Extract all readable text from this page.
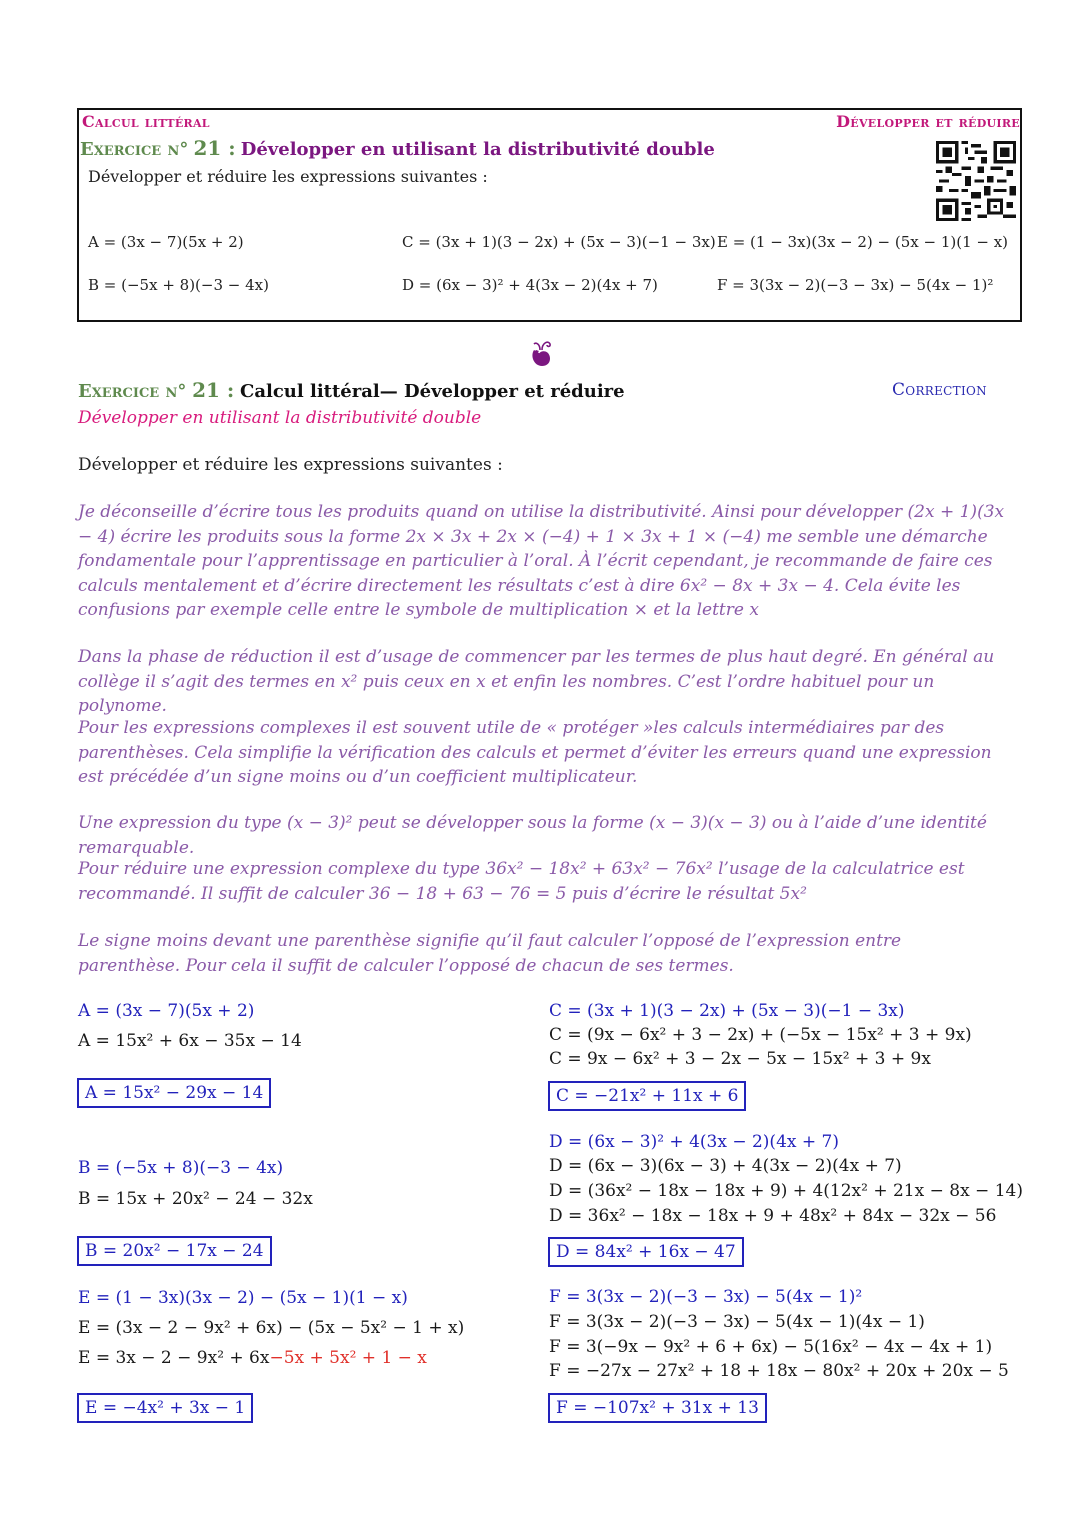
Calcul littéral	Développer et réduire
Exercice n° 21 : Développer en utilisant la distributivité double
Développer et réduire les expressions suivantes :
A = (3x − 7)(5x + 2)
B = (−5x + 8)(−3 − 4x)
C = (3x + 1)(3 − 2x) + (5x − 3)(−1 − 3x)
D = (6x − 3)² + 4(3x − 2)(4x + 7)
E = (1 − 3x)(3x − 2) − (5x − 1)(1 − x)
F = 3(3x − 2)(−3 − 3x) − 5(4x − 1)²
Exercice n° 21 : Calcul littéral— Développer et réduire	Correction
Développer en utilisant la distributivité double
Développer et réduire les expressions suivantes :
Je déconseille d’écrire tous les produits quand on utilise la distributivité. Ainsi pour développer (2x + 1)(3x − 4) écrire les produits sous la forme 2x × 3x + 2x × (−4) + 1 × 3x + 1 × (−4) me semble une démarche fondamentale pour l’apprentissage en particulier à l’oral. À l’écrit cependant, je recommande de faire ces calculs mentalement et d’écrire directement les résultats c’est à dire 6x² − 8x + 3x − 4. Cela évite les confusions par exemple celle entre le symbole de multiplication × et la lettre x
Dans la phase de réduction il est d’usage de commencer par les termes de plus haut degré. En général au collège il s’agit des termes en x² puis ceux en x et enfin les nombres. C’est l’ordre habituel pour un polynome.
Pour les expressions complexes il est souvent utile de « protéger »les calculs intermédiaires par des parenthèses. Cela simplifie la vérification des calculs et permet d’éviter les erreurs quand une expression est précédée d’un signe moins ou d’un coefficient multiplicateur.
Une expression du type (x − 3)² peut se développer sous la forme (x − 3)(x − 3) ou à l’aide d’une identité remarquable.
Pour réduire une expression complexe du type 36x² − 18x² + 63x² − 76x² l’usage de la calculatrice est recommandé. Il suffit de calculer 36 − 18 + 63 − 76 = 5 puis d’écrire le résultat 5x²
Le signe moins devant une parenthèse signifie qu’il faut calculer l’opposé de l’expression entre parenthèse. Pour cela il suffit de calculer l’opposé de chacun de ses termes.
A = (3x − 7)(5x + 2)
A = 15x² + 6x − 35x − 14
A = 15x² − 29x − 14
B = (−5x + 8)(−3 − 4x)
B = 15x + 20x² − 24 − 32x
B = 20x² − 17x − 24
E = (1 − 3x)(3x − 2) − (5x − 1)(1 − x)
E = (3x − 2 − 9x² + 6x) − (5x − 5x² − 1 + x)
E = 3x − 2 − 9x² + 6x−5x + 5x² + 1 − x
E = −4x² + 3x − 1
C = (3x + 1)(3 − 2x) + (5x − 3)(−1 − 3x)
C = (9x − 6x² + 3 − 2x) + (−5x − 15x² + 3 + 9x)
C = 9x − 6x² + 3 − 2x − 5x − 15x² + 3 + 9x
C = −21x² + 11x + 6
D = (6x − 3)² + 4(3x − 2)(4x + 7)
D = (6x − 3)(6x − 3) + 4(3x − 2)(4x + 7)
D = (36x² − 18x − 18x + 9) + 4(12x² + 21x − 8x − 14)
D = 36x² − 18x − 18x + 9 + 48x² + 84x − 32x − 56
D = 84x² + 16x − 47
F = 3(3x − 2)(−3 − 3x) − 5(4x − 1)²
F = 3(3x − 2)(−3 − 3x) − 5(4x − 1)(4x − 1)
F = 3(−9x − 9x² + 6 + 6x) − 5(16x² − 4x − 4x + 1)
F = −27x − 27x² + 18 + 18x − 80x² + 20x + 20x − 5
F = −107x² + 31x + 13
